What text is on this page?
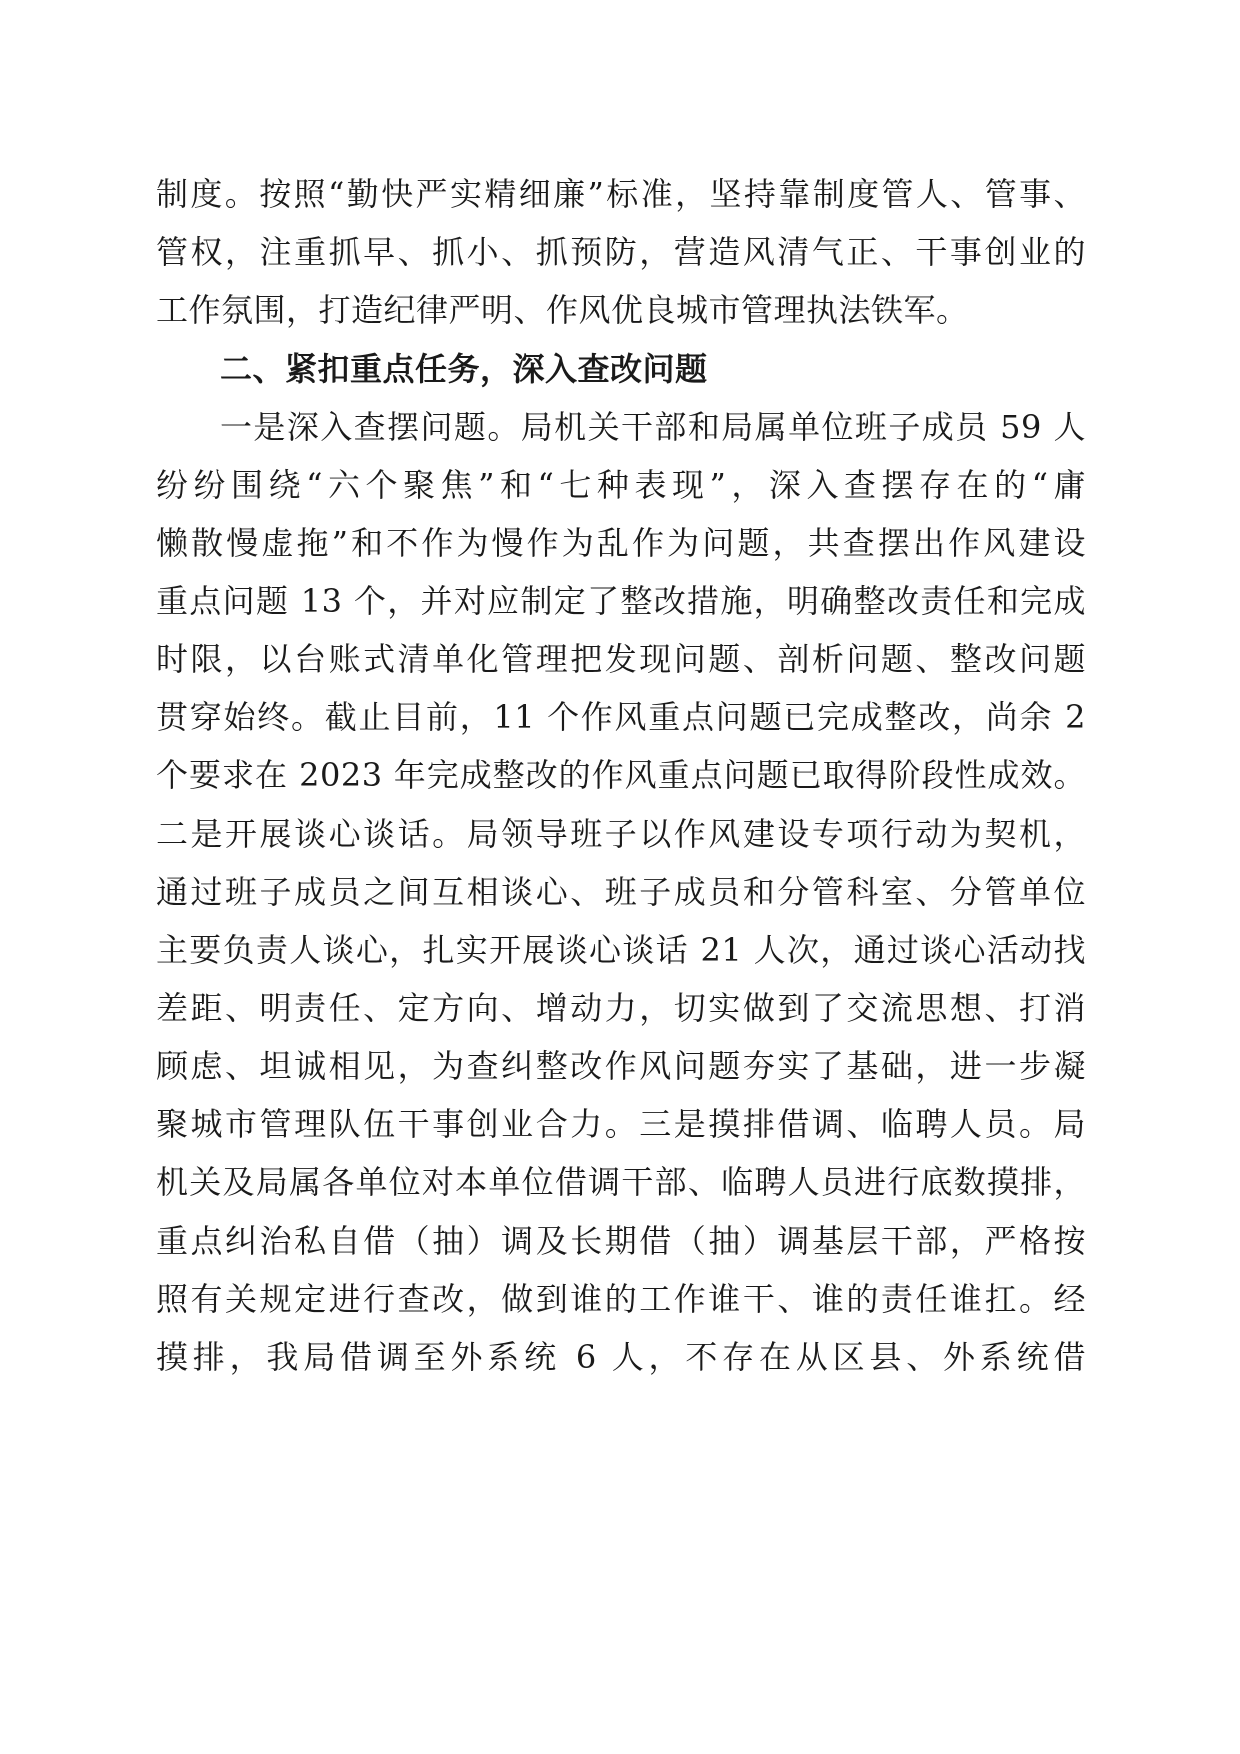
制度。按照“勤快严实精细廉”标准，坚持靠制度管人、管事、
管权，注重抓早、抓小、抓预防，营造风清气正、干事创业的
工作氛围，打造纪律严明、作风优良城市管理执法铁军。
二、紧扣重点任务，深入查改问题
一是深入查摆问题。局机关干部和局属单位班子成员 59 人
纷纷围绕“六个聚焦”和“七种表现”，深入查摆存在的“庸
懒散慢虚拖”和不作为慢作为乱作为问题，共查摆出作风建设
重点问题 13 个，并对应制定了整改措施，明确整改责任和完成
时限，以台账式清单化管理把发现问题、剖析问题、整改问题
贯穿始终。截止目前，11 个作风重点问题已完成整改，尚余 2
个要求在 2023 年完成整改的作风重点问题已取得阶段性成效。
二是开展谈心谈话。局领导班子以作风建设专项行动为契机，
通过班子成员之间互相谈心、班子成员和分管科室、分管单位
主要负责人谈心，扎实开展谈心谈话 21 人次，通过谈心活动找
差距、明责任、定方向、增动力，切实做到了交流思想、打消
顾虑、坦诚相见，为查纠整改作风问题夯实了基础，进一步凝
聚城市管理队伍干事创业合力。三是摸排借调、临聘人员。局
机关及局属各单位对本单位借调干部、临聘人员进行底数摸排，
重点纠治私自借（抽）调及长期借（抽）调基层干部，严格按
照有关规定进行查改，做到谁的工作谁干、谁的责任谁扛。经
摸排，我局借调至外系统 6 人，不存在从区县、外系统借
